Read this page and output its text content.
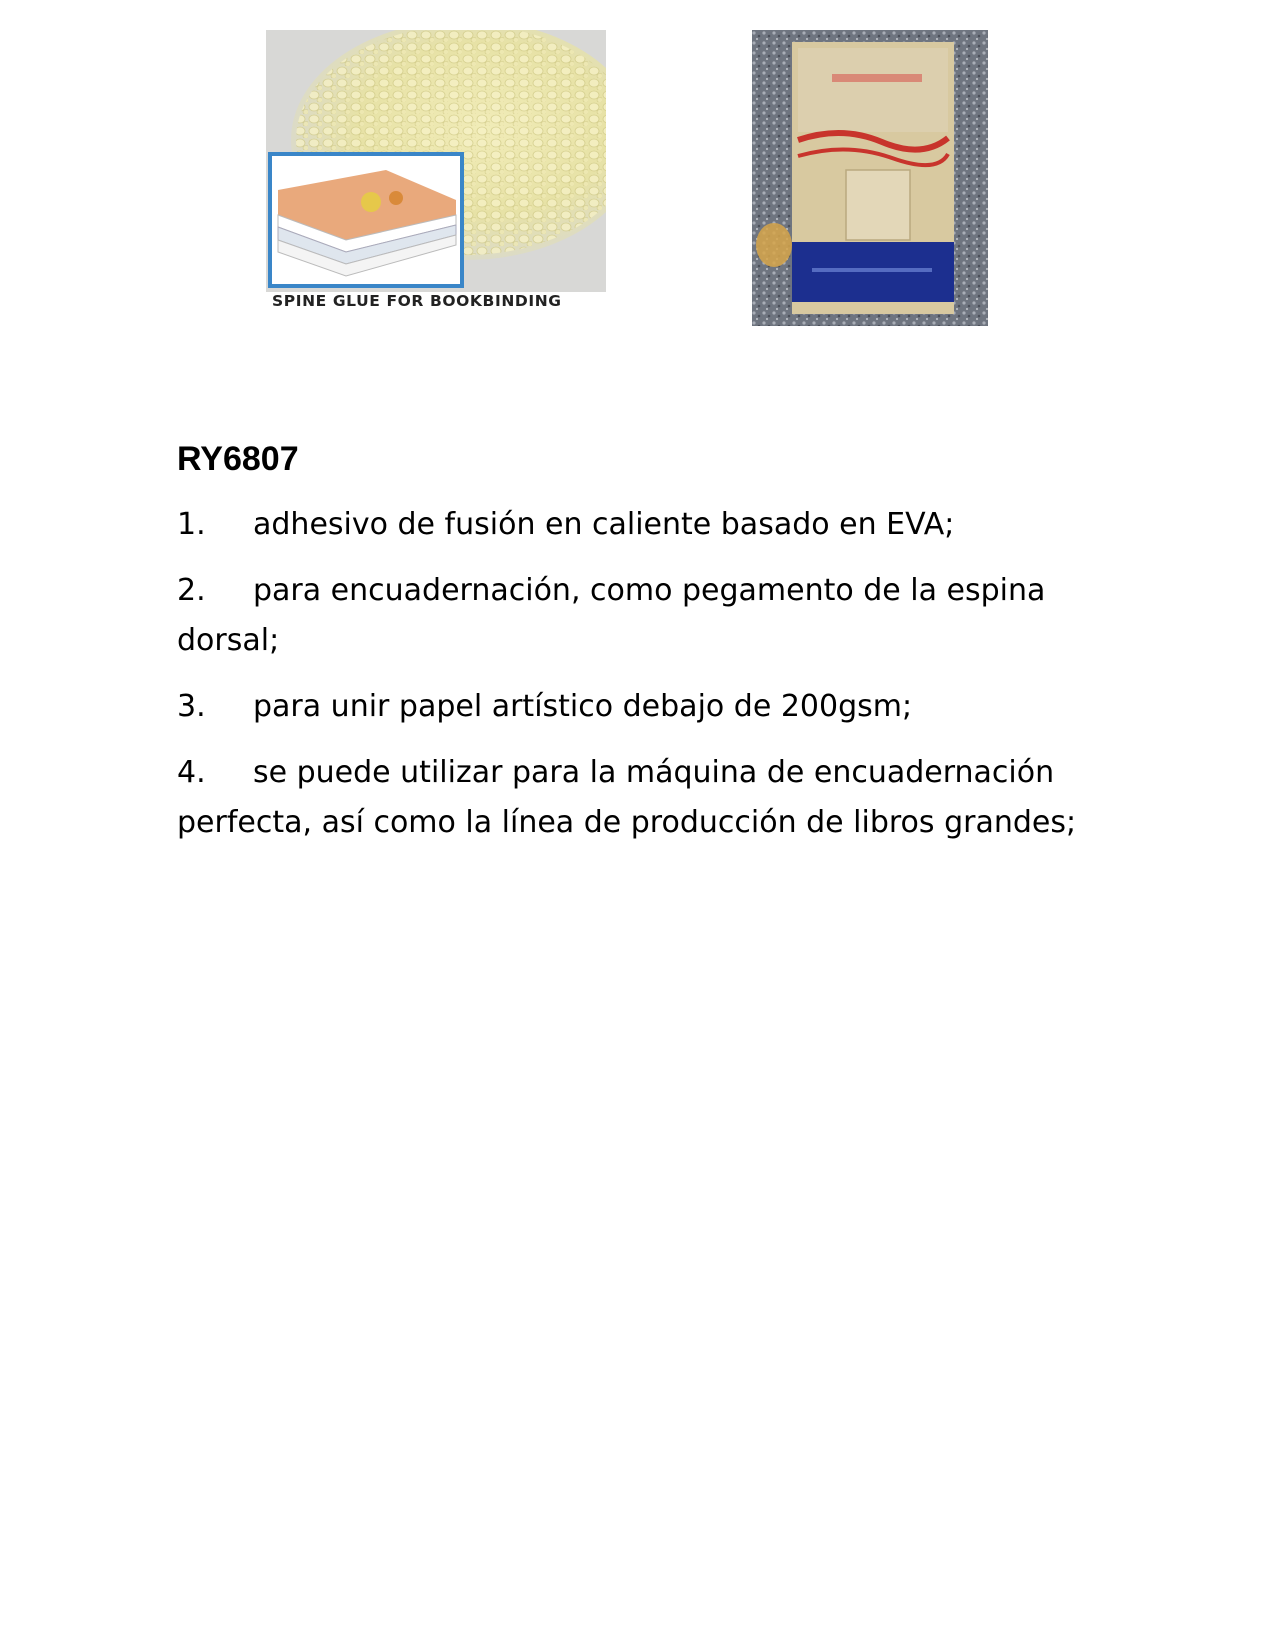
SPINE GLUE FOR BOOKBINDING
RY6807
1. adhesivo de fusión en caliente basado en EVA;
2. para encuadernación, como pegamento de la espina dorsal;
3. para unir papel artístico debajo de 200gsm;
4. se puede utilizar para la máquina de encuadernación perfecta, así como la línea de producción de libros grandes;
